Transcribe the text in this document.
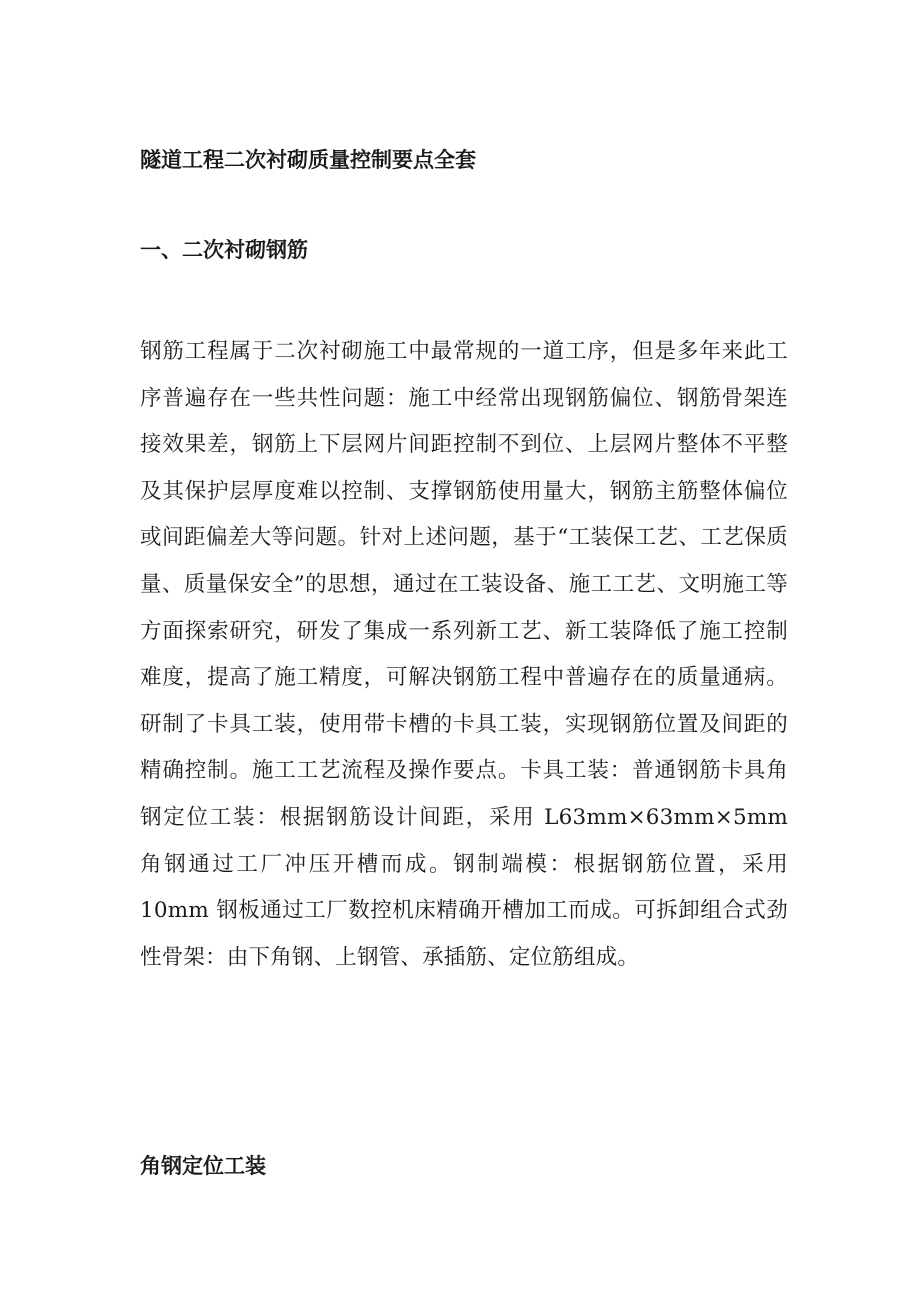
隧道工程二次衬砌质量控制要点全套
一、二次衬砌钢筋

钢筋工程属于二次衬砌施工中最常规的一道工序，但是多年来此工序普遍存在一些共性问题：施工中经常出现钢筋偏位、钢筋骨架连接效果差，钢筋上下层网片间距控制不到位、上层网片整体不平整及其保护层厚度难以控制、支撑钢筋使用量大，钢筋主筋整体偏位或间距偏差大等问题。针对上述问题，基于“工装保工艺、工艺保质量、质量保安全”的思想，通过在工装设备、施工工艺、文明施工等方面探索研究，研发了集成一系列新工艺、新工装降低了施工控制难度，提高了施工精度，可解决钢筋工程中普遍存在的质量通病。研制了卡具工装，使用带卡槽的卡具工装，实现钢筋位置及间距的精确控制。施工工艺流程及操作要点。卡具工装：普通钢筋卡具角钢定位工装：根据钢筋设计间距，采用 L63mm×63mm×5mm 角钢通过工厂冲压开槽而成。钢制端模：根据钢筋位置，采用 10mm 钢板通过工厂数控机床精确开槽加工而成。可拆卸组合式劲性骨架：由下角钢、上钢管、承插筋、定位筋组成。

角钢定位工装
